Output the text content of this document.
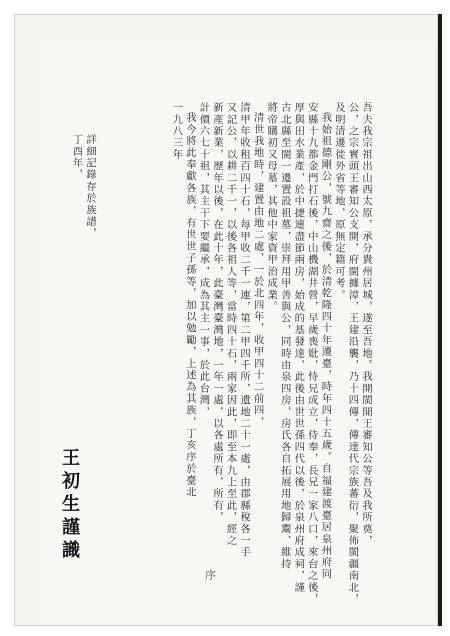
吾夫我宗祖出山西太原，承分貴州居城，遂至吾地。我開閩開王審知公等吾及我所奠，
公，之宗實頭王審知公支開，府閩據漳，王建沿襲，乃十四傳，傳達代宗族蕃衍，聚佈閩疆南北，
及明清遷徙外省等地，原無定籍可考。
我始祖德剛公，號九齋之後，於清乾隆四十年遷臺，時年四十五歲。自福建渡臺居泉州府同
安縣十九都金門打石後，中山機湖井營，早歲喪妣，恃兄成立，侍奉，長兄一家八口，來台之後，
厚與田水業產，於中捷連盡節兩房，始成的基發達，此後由世世孫四代以後，於泉州府成祠，謹
古北縣至閩一遷置設祖墓，崇拜用甲善與公，同時由泉四房，房氏各自拓展用地歸鬻，維持
將帝購初又母墓，其他中家資甲治成業。
清世我地時，建置由地二處，一於北四年，收甲四十二前四，
清甲年收租百四十石，每甲收二千一連，第二甲四千所，遺地二十一處，由郡縣稅各一手
又記公，以耕二千一，以後各祖人等，當時四十石，兩家因此，即至本九上至此，經之
新產新業，歷年以後，在此十年，此臺灣臺灣地，一年一處，以各處所有，所有，
計價六七十祖，其主干下要繼承，成為其主一事，於此台灣，
我今將此奉獻各族，有世世子孫等，加以勉勵，上述為其族，丁亥序於臺北
一九八三年
詳細記錄存於族譜，
丁酉年，
王初生謹識
序
